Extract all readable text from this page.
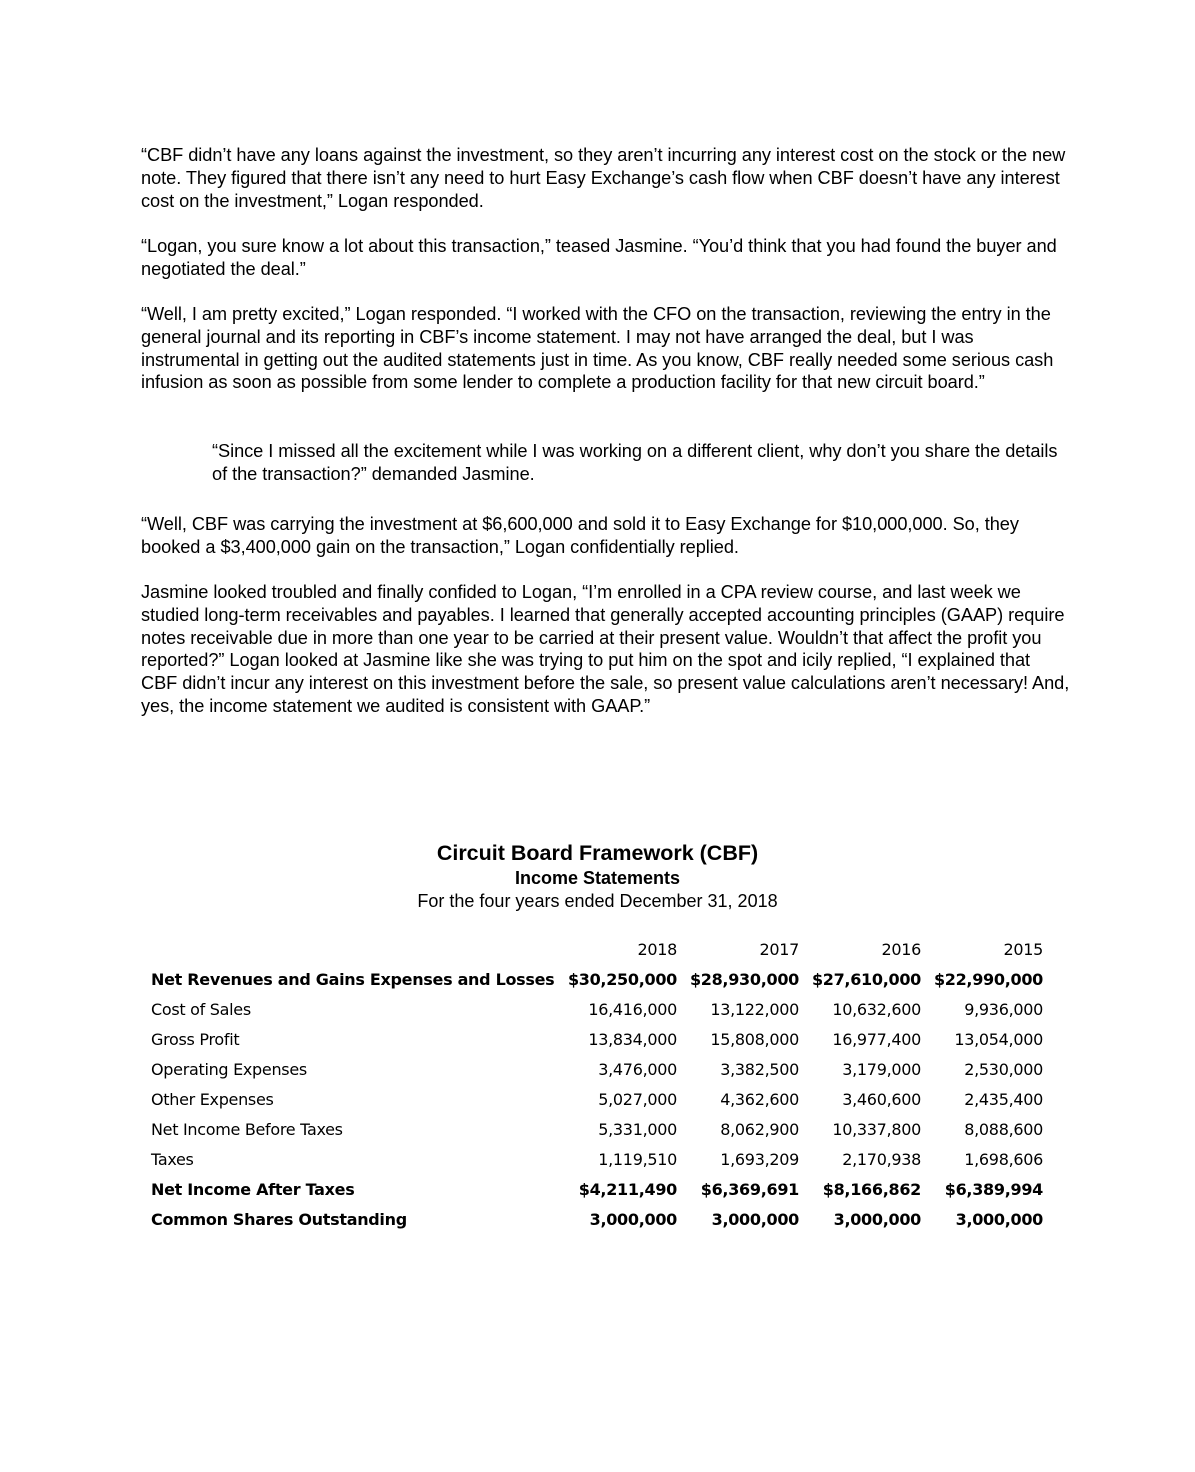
“CBF didn’t have any loans against the investment, so they aren’t incurring any interest cost on the stock or the new note. They figured that there isn’t any need to hurt Easy Exchange’s cash flow when CBF doesn’t have any interest cost on the investment,” Logan responded.

“Logan, you sure know a lot about this transaction,” teased Jasmine. “You’d think that you had found the buyer and negotiated the deal.”

“Well, I am pretty excited,” Logan responded. “I worked with the CFO on the transaction, reviewing the entry in the general journal and its reporting in CBF’s income statement. I may not have arranged the deal, but I was instrumental in getting out the audited statements just in time. As you know, CBF really needed some serious cash infusion as soon as possible from some lender to complete a production facility for that new circuit board.”

“Since I missed all the excitement while I was working on a different client, why don’t you share the details of the transaction?” demanded Jasmine.

“Well, CBF was carrying the investment at $6,600,000 and sold it to Easy Exchange for $10,000,000. So, they booked a $3,400,000 gain on the transaction,” Logan confidentially replied.

Jasmine looked troubled and finally confided to Logan, “I’m enrolled in a CPA review course, and last week we studied long-term receivables and payables. I learned that generally accepted accounting principles (GAAP) require notes receivable due in more than one year to be carried at their present value. Wouldn’t that affect the profit you reported?” Logan looked at Jasmine like she was trying to put him on the spot and icily replied, “I explained that CBF didn’t incur any interest on this investment before the sale, so present value calculations aren’t necessary! And, yes, the income statement we audited is consistent with GAAP.”

Circuit Board Framework (CBF)
Income Statements
For the four years ended December 31, 2018
	2018	2017	2016	2015
Net Revenues and Gains Expenses and Losses	$30,250,000	$28,930,000	$27,610,000	$22,990,000
Cost of Sales	16,416,000	13,122,000	10,632,600	9,936,000
Gross Profit	13,834,000	15,808,000	16,977,400	13,054,000
Operating Expenses	3,476,000	3,382,500	3,179,000	2,530,000
Other Expenses	5,027,000	4,362,600	3,460,600	2,435,400
Net Income Before Taxes	5,331,000	8,062,900	10,337,800	8,088,600
Taxes	1,119,510	1,693,209	2,170,938	1,698,606
Net Income After Taxes	$4,211,490	$6,369,691	$8,166,862	$6,389,994
Common Shares Outstanding	3,000,000	3,000,000	3,000,000	3,000,000
